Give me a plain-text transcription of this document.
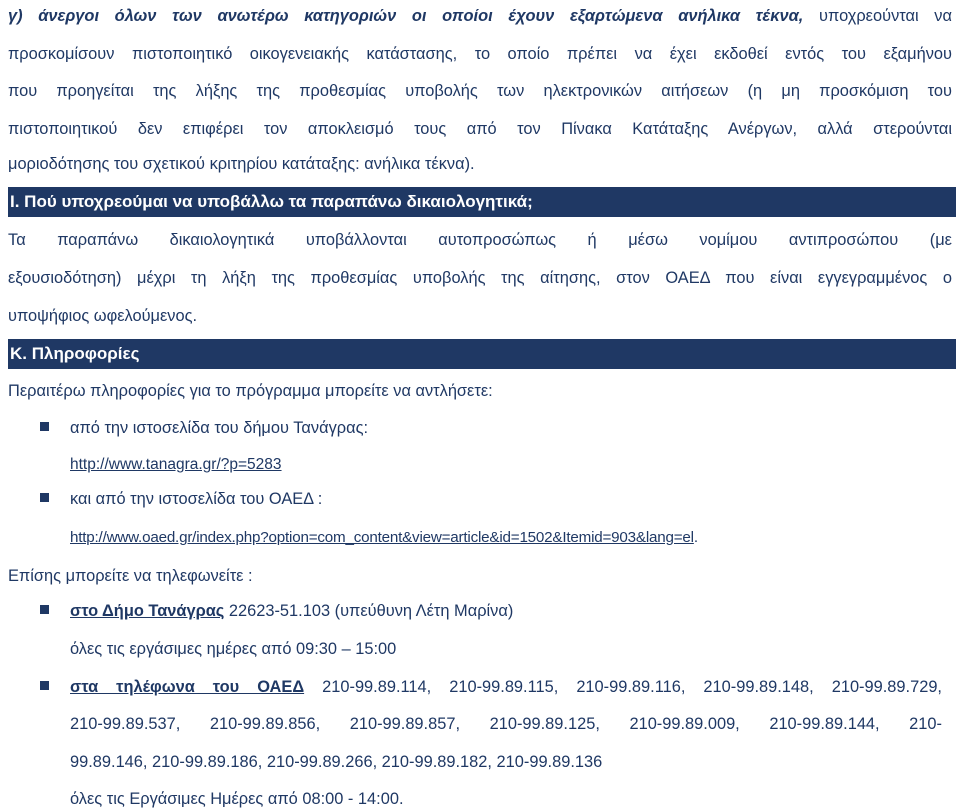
γ) άνεργοι όλων των ανωτέρω κατηγοριών οι οποίοι έχουν εξαρτώμενα ανήλικα τέκνα, υποχρεούνται να
προσκομίσουν πιστοποιητικό οικογενειακής κατάστασης, το οποίο πρέπει να έχει εκδοθεί εντός του εξαμήνου
που προηγείται της λήξης της προθεσμίας υποβολής των ηλεκτρονικών αιτήσεων (η μη προσκόμιση του
πιστοποιητικού δεν επιφέρει τον αποκλεισμό τους από τον Πίνακα Κατάταξης Ανέργων, αλλά στερούνται
μοριοδότησης του σχετικού κριτηρίου κατάταξης: ανήλικα τέκνα).
Ι. Πού υποχρεούμαι να υποβάλλω τα παραπάνω δικαιολογητικά;
Τα παραπάνω δικαιολογητικά υποβάλλονται αυτοπροσώπως ή μέσω νομίμου αντιπροσώπου (με
εξουσιοδότηση) μέχρι τη λήξη της προθεσμίας υποβολής της αίτησης, στον ΟΑΕΔ που είναι εγγεγραμμένος ο
υποψήφιος ωφελούμενος.
Κ. Πληροφορίες
Περαιτέρω πληροφορίες για το πρόγραμμα μπορείτε να αντλήσετε:
από την ιστοσελίδα του δήμου Τανάγρας:
http://www.tanagra.gr/?p=5283
και από την ιστοσελίδα του ΟΑΕΔ :
http://www.oaed.gr/index.php?option=com_content&view=article&id=1502&Itemid=903&lang=el.
Επίσης μπορείτε να τηλεφωνείτε :
στο Δήμο Τανάγρας 22623-51.103 (υπεύθυνη Λέτη Μαρίνα)
όλες τις εργάσιμες ημέρες από 09:30 – 15:00
στα τηλέφωνα του ΟΑΕΔ 210-99.89.114, 210-99.89.115, 210-99.89.116, 210-99.89.148, 210-99.89.729,
210-99.89.537, 210-99.89.856, 210-99.89.857, 210-99.89.125, 210-99.89.009, 210-99.89.144, 210-
99.89.146, 210-99.89.186, 210-99.89.266, 210-99.89.182, 210-99.89.136
όλες τις Εργάσιμες Ημέρες από 08:00 - 14:00.
